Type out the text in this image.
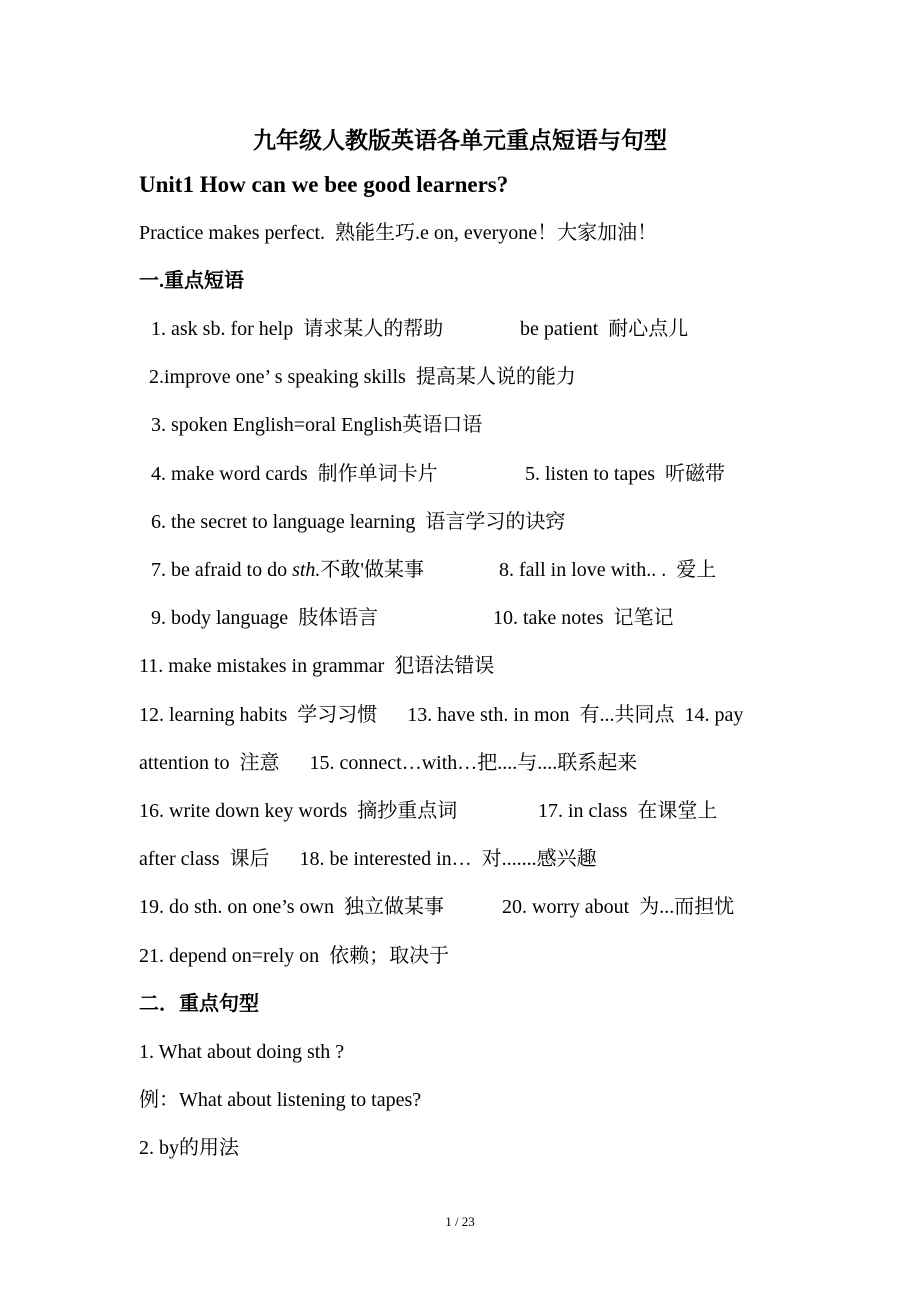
九年级人教版英语各单元重点短语与句型
Unit1 How can we bee good learners?
Practice makes perfect.  熟能生巧.e on, everyone！大家加油！
一.重点短语
1. ask sb. for help  请求某人的帮助	be patient  耐心点儿
2.improve one’ s speaking skills  提高某人说的能力
3. spoken English=oral English英语口语
4. make word cards  制作单词卡片	5. listen to tapes  听磁带
6. the secret to language learning  语言学习的诀窍
7. be afraid to do sth.不敢'做某事	8. fall in love with.. .  爱上
9. body language  肢体语言	10. take notes  记笔记
11. make mistakes in grammar  犯语法错误
12. learning habits  学习习惯      13. have sth. in mon  有...共同点  14. pay
attention to  注意      15. connect…with…把....与....联系起来
16. write down key words  摘抄重点词	17. in class  在课堂上
after class  课后      18. be interested in…  对.......感兴趣
19. do sth. on one’s own  独立做某事	20. worry about  为...而担忧
21. depend on=rely on  依赖；取决于
二．重点句型
1. What about doing sth ?
例：What about listening to tapes?
2. by的用法
1 / 23
